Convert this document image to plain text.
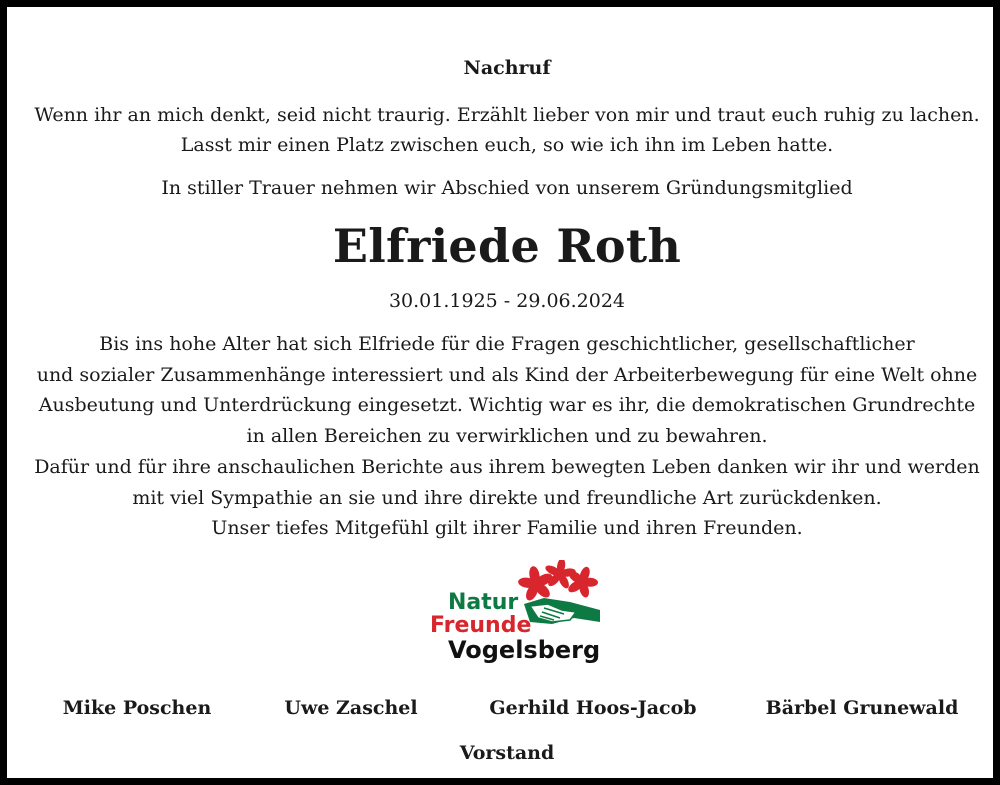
Nachruf
Wenn ihr an mich denkt, seid nicht traurig. Erzählt lieber von mir und traut euch ruhig zu lachen.
Lasst mir einen Platz zwischen euch, so wie ich ihn im Leben hatte.
In stiller Trauer nehmen wir Abschied von unserem Gründungsmitglied
Elfriede Roth
30.01.1925 - 29.06.2024
Bis ins hohe Alter hat sich Elfriede für die Fragen geschichtlicher, gesellschaftlicher
und sozialer Zusammenhänge interessiert und als Kind der Arbeiterbewegung für eine Welt ohne
Ausbeutung und Unterdrückung eingesetzt. Wichtig war es ihr, die demokratischen Grundrechte
in allen Bereichen zu verwirklichen und zu bewahren.
Dafür und für ihre anschaulichen Berichte aus ihrem bewegten Leben danken wir ihr und werden
mit viel Sympathie an sie und ihre direkte und freundliche Art zurückdenken.
Unser tiefes Mitgefühl gilt ihrer Familie und ihren Freunden.
Natur
Freunde
Vogelsberg
Mike Poschen	Uwe Zaschel	Gerhild Hoos-Jacob	Bärbel Grunewald
Vorstand
